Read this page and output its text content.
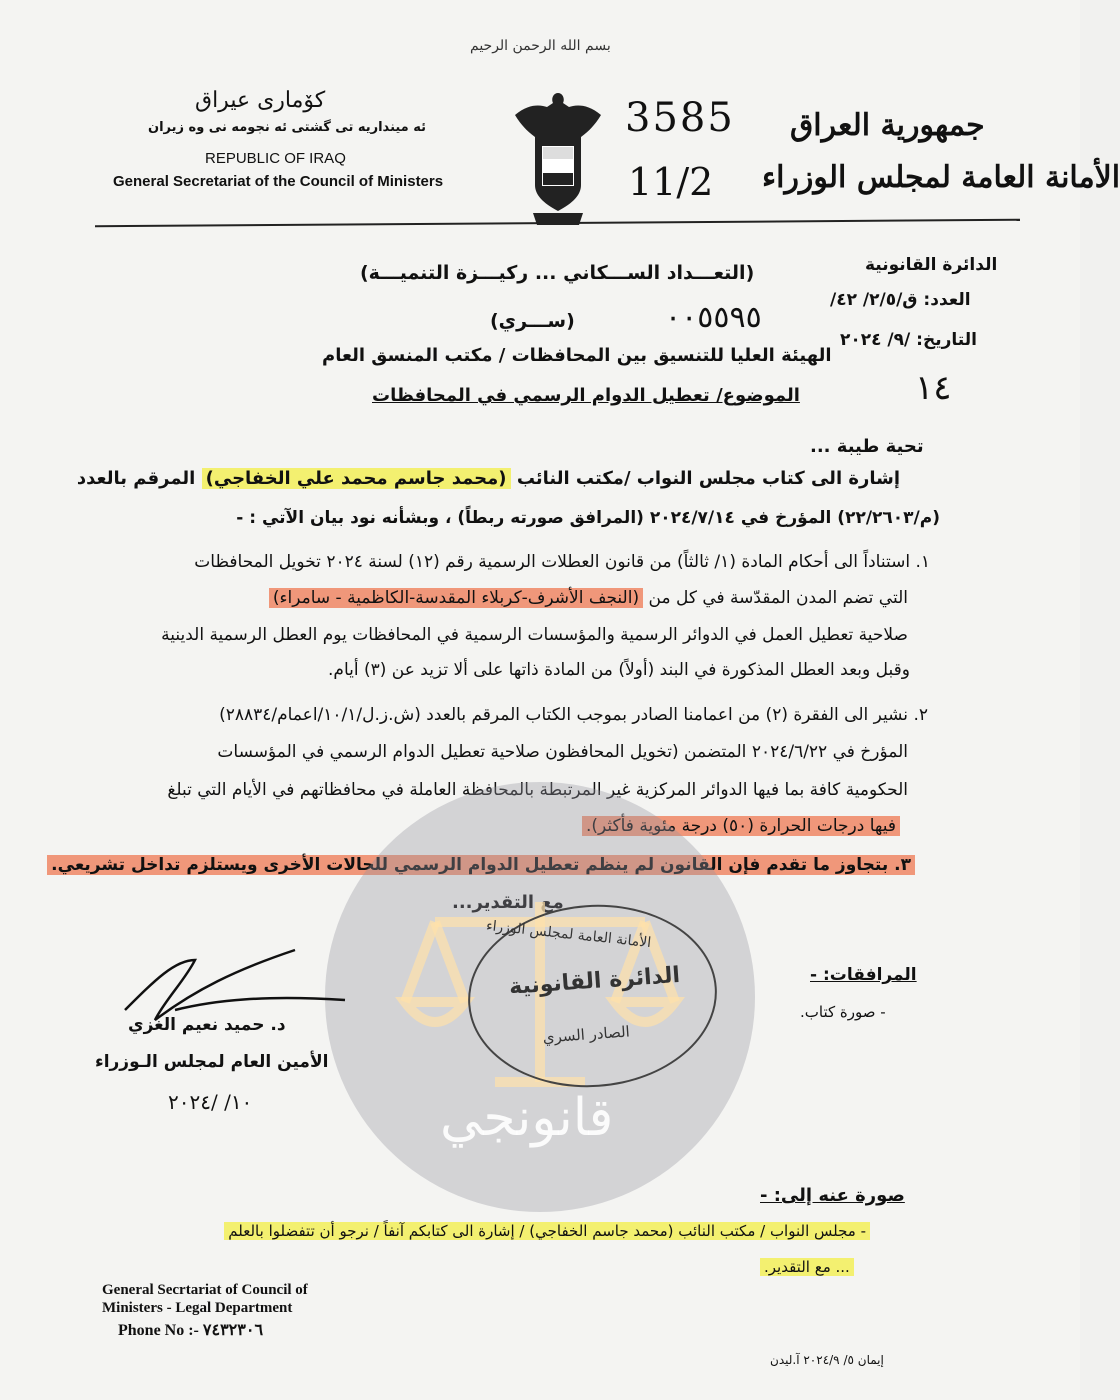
بسم الله الرحمن الرحيم
كۆماری عیراق
ئه ‌مینداریه‌ تی گشتی ئه‌ نجومه‌ نی وه‌ زیران
REPUBLIC OF IRAQ
General Secretariat of the Council of Ministers
3585
11/2
جمهورية العراق
الأمانة العامة لمجلس الوزراء
الدائرة القانونية
العدد: ق/٢/٥/ ٤٢/
التاريخ: /٩/ ٢٠٢٤
١٤
(التعـــداد الســـكاني ... ركيـــزة التنميـــة)
(ســـري)	٠٠٥٥٩٥
الهيئة العليا للتنسيق بين المحافظات / مكتب المنسق العام
الموضوع/ تعطيل الدوام الرسمي في المحافظات
تحية طيبة ...
إشارة الى كتاب مجلس النواب /مكتب النائب (محمد جاسم محمد علي الخفاجي) المرقم بالعدد
(م/٢٢/٢٦٠٣) المؤرخ في ٢٠٢٤/٧/١٤ (المرافق صورته ربطاً) ، وبشأنه نود بيان الآتي : -
١. استناداً الى أحكام المادة (١/ ثالثاً) من قانون العطلات الرسمية رقم (١٢) لسنة ٢٠٢٤ تخويل المحافظات
التي تضم المدن المقدّسة في كل من (النجف الأشرف-كربلاء المقدسة-الكاظمية - سامراء)
صلاحية تعطيل العمل في الدوائر الرسمية والمؤسسات الرسمية في المحافظات يوم العطل الرسمية الدينية
وقبل وبعد العطل المذكورة في البند (أولاً) من المادة ذاتها على ألا تزيد عن (٣) أيام.
٢. نشير الى الفقرة (٢) من اعمامنا الصادر بموجب الكتاب المرقم بالعدد (ش.ز.ل/١٠/١/اعمام/٢٨٨٣٤)
المؤرخ في ٢٠٢٤/٦/٢٢ المتضمن (تخويل المحافظون صلاحية تعطيل الدوام الرسمي في المؤسسات
الحكومية كافة بما فيها الدوائر المركزية غير المرتبطة بالمحافظة العاملة في محافظاتهم في الأيام التي تبلغ
فيها درجات الحرارة (٥٠) درجة مئوية فأكثر).
٣. بتجاوز ما تقدم فإن القانون لم ينظم تعطيل الدوام الرسمي للحالات الأخرى ويستلزم تداخل تشريعي.
مع التقدير...
قانونجي
الأمانة العامة لمجلس الوزراء
الدائرة القانونية
الصادر السري
المرافقات: -
- صورة كتاب.
د. حميد نعيم الغزي
الأمين العام لمجلس الـوزراء
١٠/ /٢٠٢٤
صورة عنه إلى: -
- مجلس النواب / مكتب النائب (محمد جاسم الخفاجي) / إشارة الى كتابكم آنفاً / نرجو أن تتفضلوا بالعلم
... مع التقدير.
General Secrtariat of Council of
Ministers - Legal Department
Phone No :- ٧٤٣٢٣٠٦
إيمان ٥/ ٢٠٢٤/٩ آ.ليدن
